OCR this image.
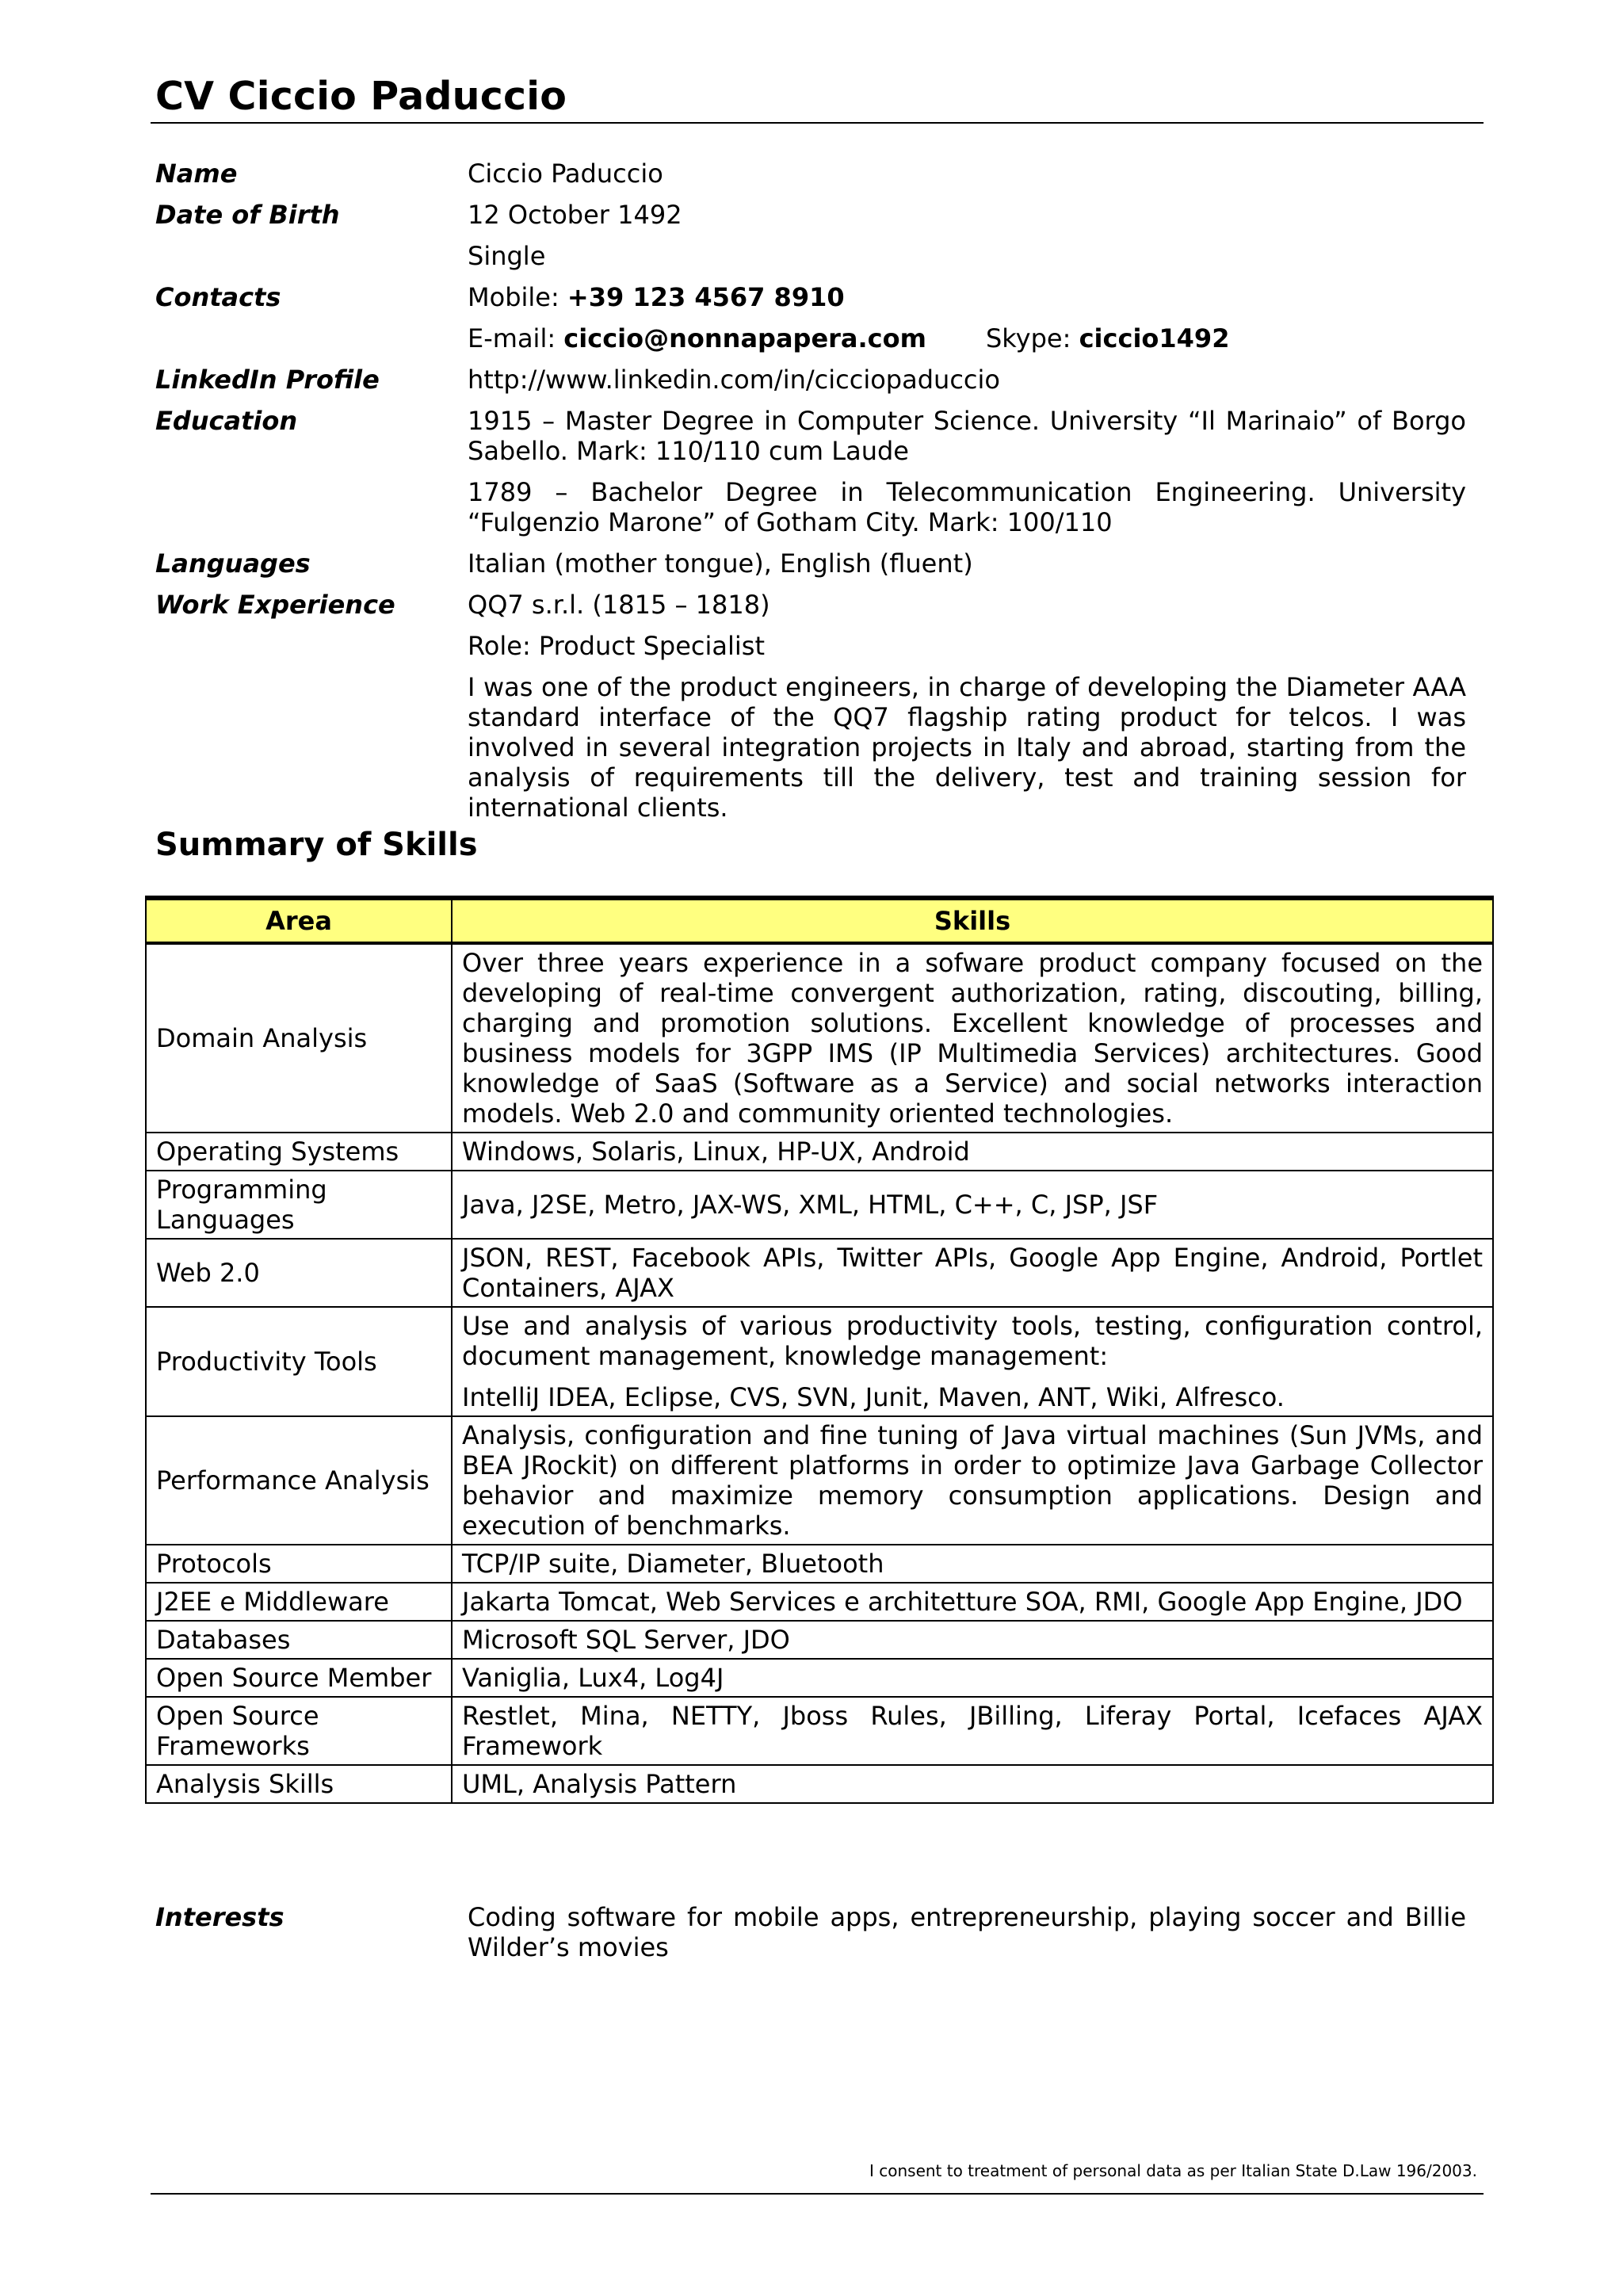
CV Ciccio Paduccio
Name	Ciccio Paduccio
Date of Birth	12 October 1492
Single
Contacts	Mobile: +39 123 4567 8910
E-mail: ciccio@nonnapapera.com Skype: ciccio1492
LinkedIn Profile	http://www.linkedin.com/in/cicciopaduccio
Education	1915 – Master Degree in Computer Science. University “Il Marinaio” of Borgo Sabello. Mark: 110/110 cum Laude

1789 – Bachelor Degree in Telecommunication Engineering. University “Fulgenzio Marone” of Gotham City. Mark: 100/110

Languages	Italian (mother tongue), English (fluent)
Work Experience	QQ7 s.r.l. (1815 – 1818)

Role: Product Specialist

I was one of the product engineers, in charge of developing the Diameter AAA standard interface of the QQ7 flagship rating product for telcos. I was involved in several integration projects in Italy and abroad, starting from the analysis of requirements till the delivery, test and training session for international clients.

Summary of Skills
Area	Skills
Domain Analysis	Over three years experience in a sofware product company focused on the developing of real-time convergent authorization, rating, discouting, billing, charging and promotion solutions. Excellent knowledge of processes and business models for 3GPP IMS (IP Multimedia Services) architectures. Good knowledge of SaaS (Software as a Service) and social networks interaction models. Web 2.0 and community oriented technologies.

Operating Systems	Windows, Solaris, Linux, HP-UX, Android

Programming Languages	Java, J2SE, Metro, JAX-WS, XML, HTML, C++, C, JSP, JSF

Web 2.0	JSON, REST, Facebook APIs, Twitter APIs, Google App Engine, Android, Portlet Containers, AJAX

Productivity Tools	Use and analysis of various productivity tools, testing, configuration control, document management, knowledge management:

IntelliJ IDEA, Eclipse, CVS, SVN, Junit, Maven, ANT, Wiki, Alfresco.

Performance Analysis	Analysis, configuration and fine tuning of Java virtual machines (Sun JVMs, and BEA JRockit) on different platforms in order to optimize Java Garbage Collector behavior and maximize memory consumption applications. Design and execution of benchmarks.

Protocols	TCP/IP suite, Diameter, Bluetooth

J2EE e Middleware	Jakarta Tomcat, Web Services e architetture SOA, RMI, Google App Engine, JDO

Databases	Microsoft SQL Server, JDO

Open Source Member	Vaniglia, Lux4, Log4J

Open Source Frameworks	Restlet, Mina, NETTY, Jboss Rules, JBilling, Liferay Portal, Icefaces AJAX Framework

Analysis Skills	UML, Analysis Pattern

Interests	Coding software for mobile apps, entrepreneurship, playing soccer and Billie Wilder’s movies
I consent to treatment of personal data as per Italian State D.Law 196/2003.
